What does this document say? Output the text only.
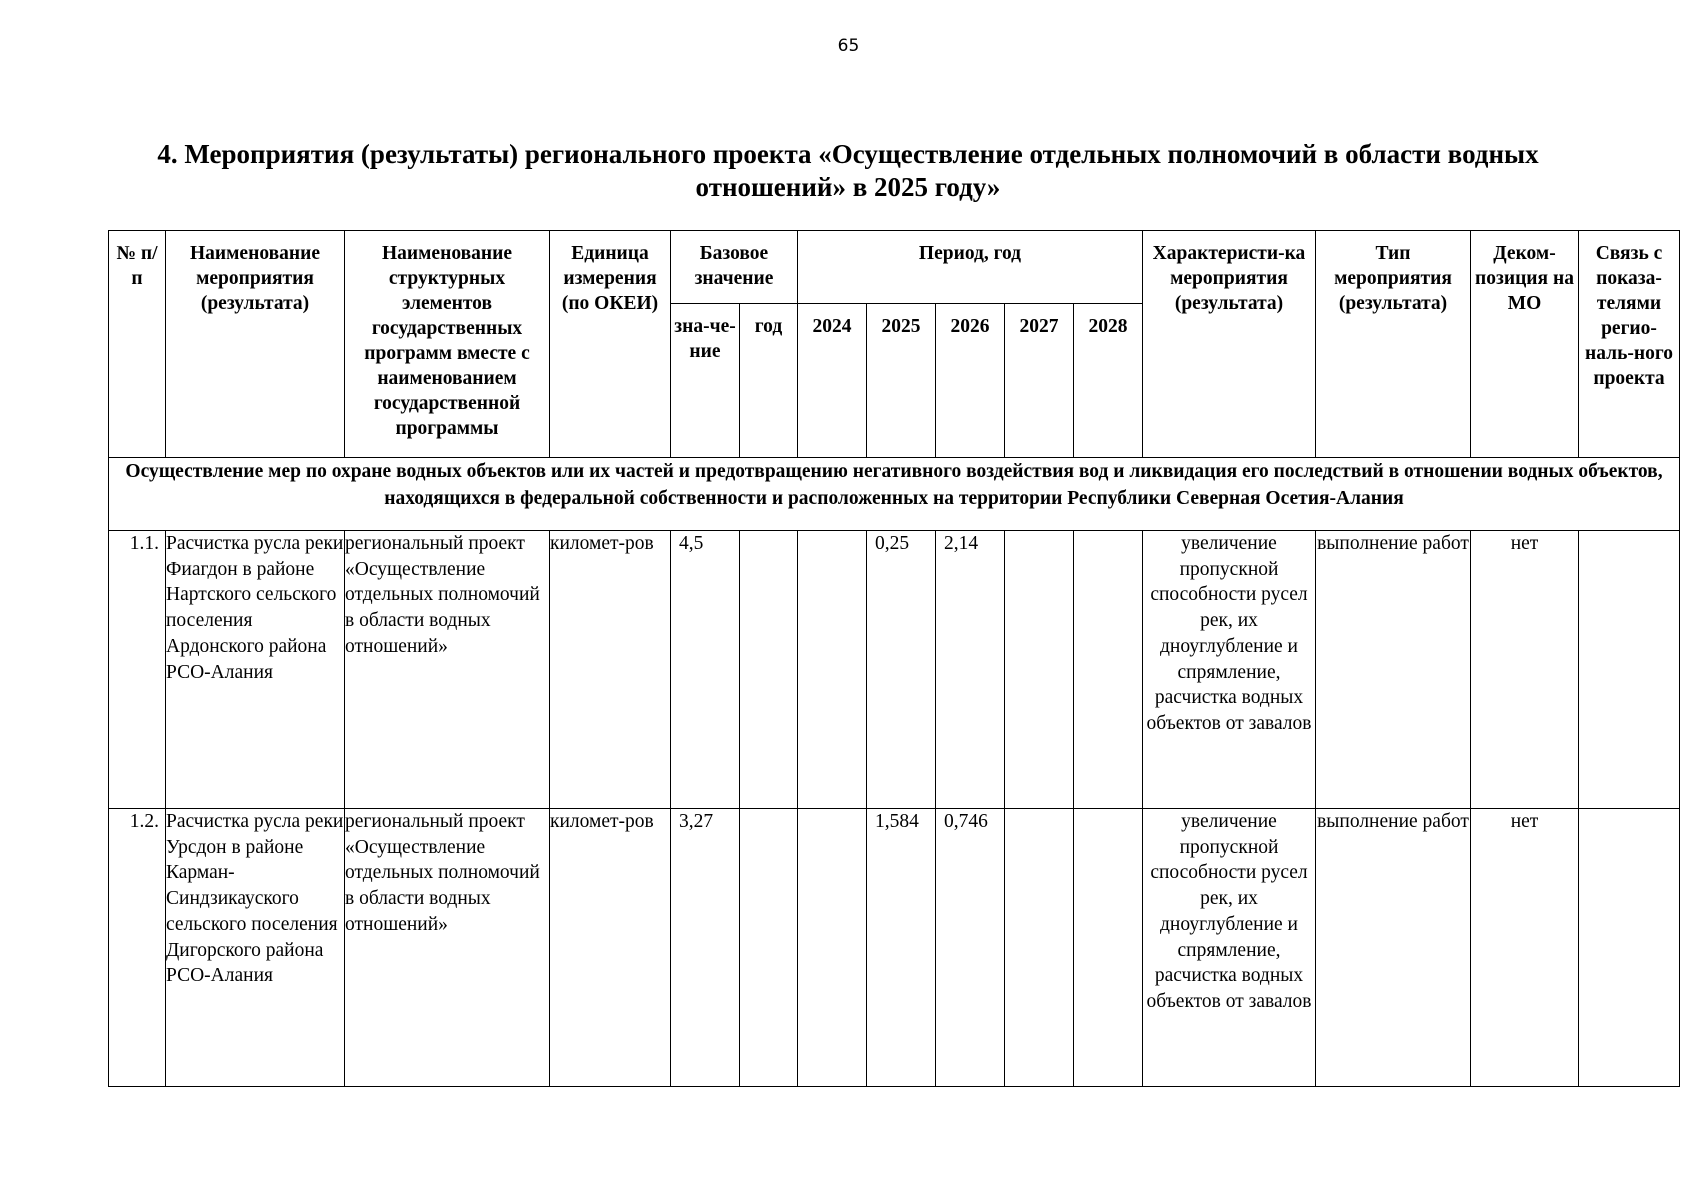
65
4. Мероприятия (результаты) регионального проекта «Осуществление отдельных полномочий в области водных
отношений» в 2025 году»
№ п/п	Наименование мероприятия (результата)	Наименование структурных элементов государственных программ вместе с наименованием государственной программы	Единица измерения (по ОКЕИ)	Базовое значение		Период, год					Характеристи-ка мероприятия (результата)	Тип мероприятия (результата)	Деком-позиция на МО	Связь с показа-телями регио-наль-ного проекта
				зна-че-ние	год	2024	2025	2026	2027	2028				
Осуществление мер по охране водных объектов или их частей и предотвращению негативного воздействия вод и ликвидация его последствий в отношении водных объектов, находящихся в федеральной собственности и расположенных на территории Республики Северная Осетия-Алания														
1.1.	Расчистка русла реки Фиагдон в районе Нартского сельского поселения Ардонского района РСО-Алания	региональный проект «Осуществление отдельных полномочий в области водных отношений»	километ-ров	4,5			0,25	2,14			увеличение пропускной способности русел рек, их дноуглубление и спрямление, расчистка водных объектов от завалов	выполнение работ	нет	
1.2.	Расчистка русла реки Урсдон в районе Карман-Синдзикауского сельского поселения Дигорского района РСО-Алания	региональный проект «Осуществление отдельных полномочий в области водных отношений»	километ-ров	3,27			1,584	0,746			увеличение пропускной способности русел рек, их дноуглубление и спрямление, расчистка водных объектов от завалов	выполнение работ	нет	
